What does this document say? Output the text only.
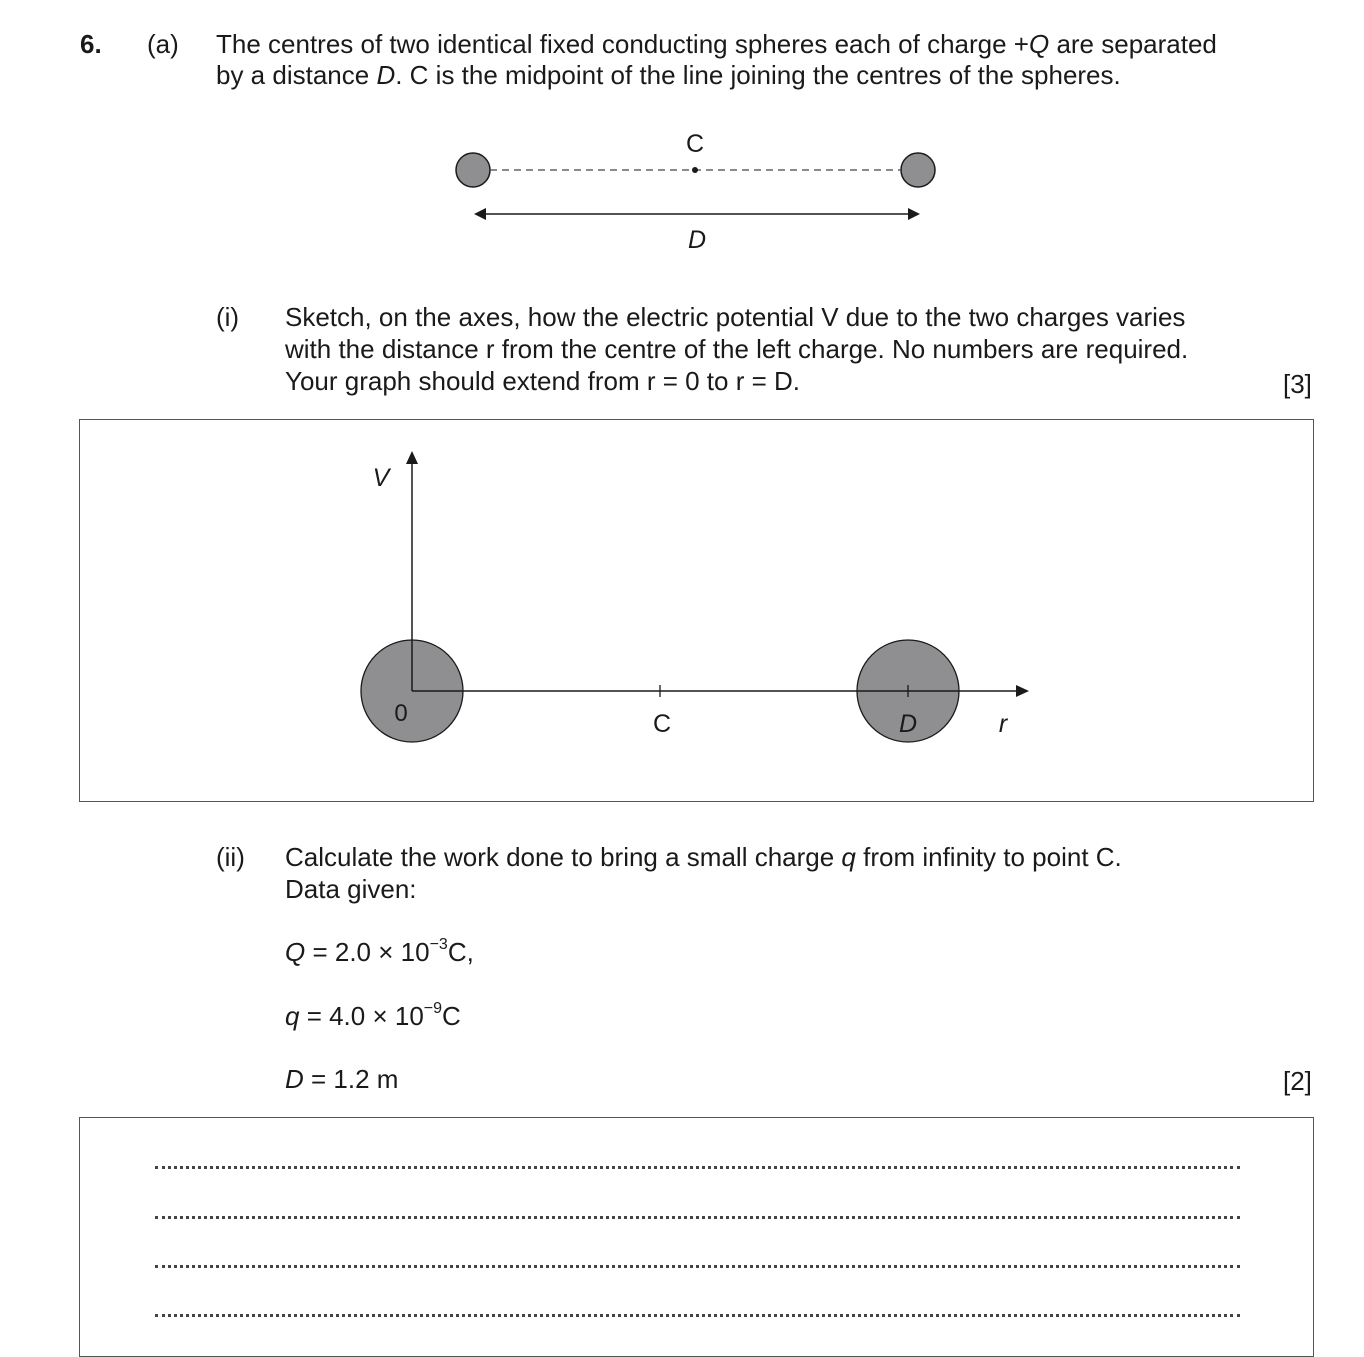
6. (a) The centres of two identical fixed conducting spheres each of charge +Q are separated
by a distance D. C is the midpoint of the line joining the centres of the spheres.
C
D
(i) Sketch, on the axes, how the electric potential V due to the two charges varies
with the distance r from the centre of the left charge. No numbers are required.
Your graph should extend from r = 0 to r = D.	[3]
V
0	C	D	r
(ii) Calculate the work done to bring a small charge q from infinity to point C.
Data given:
$Q = 2.0 \times 10^{-3}C$,
$q = 4.0 \times 10^{-9}C$
D = 1.2 m	[2]
